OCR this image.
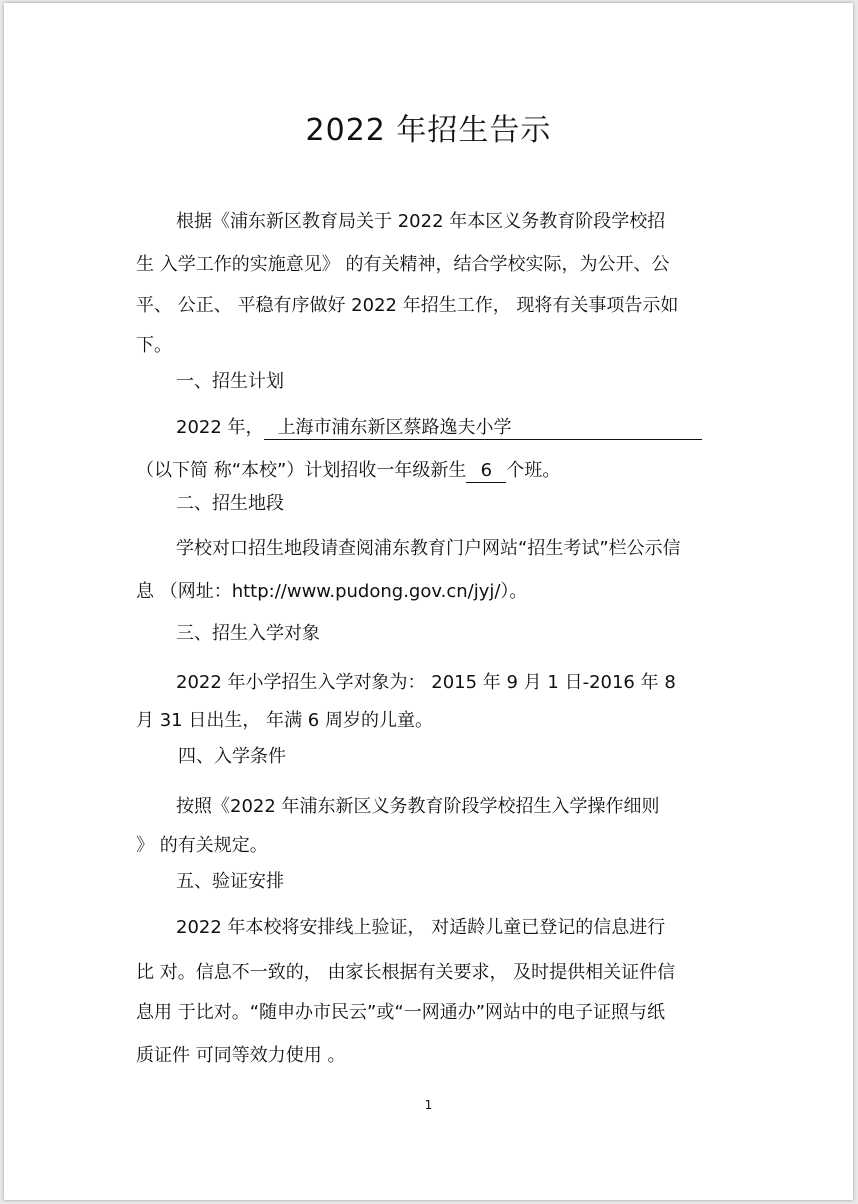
2022 年招生告示
根据《浦东新区教育局关于 2022 年本区义务教育阶段学校招
生 入学工作的实施意见》 的有关精神，结合学校实际，为公开、公
平、 公正、 平稳有序做好 2022 年招生工作， 现将有关事项告示如
下。
一、招生计划
2022 年， 上海市浦东新区蔡路逸夫小学
（以下简 称“本校”）计划招收一年级新生 6 个班。
二、招生地段
学校对口招生地段请查阅浦东教育门户网站“招生考试”栏公示信
息 （网址：http://www.pudong.gov.cn/jyj/）。
三、招生入学对象
2022 年小学招生入学对象为： 2015 年 9 月 1 日-2016 年 8
月 31 日出生， 年满 6 周岁的儿童。
四、入学条件
按照《2022 年浦东新区义务教育阶段学校招生入学操作细则
》 的有关规定。
五、验证安排
2022 年本校将安排线上验证， 对适龄儿童已登记的信息进行
比 对。信息不一致的， 由家长根据有关要求， 及时提供相关证件信
息用 于比对。“随申办市民云”或“一网通办”网站中的电子证照与纸
质证件 可同等效力使用 。
1
